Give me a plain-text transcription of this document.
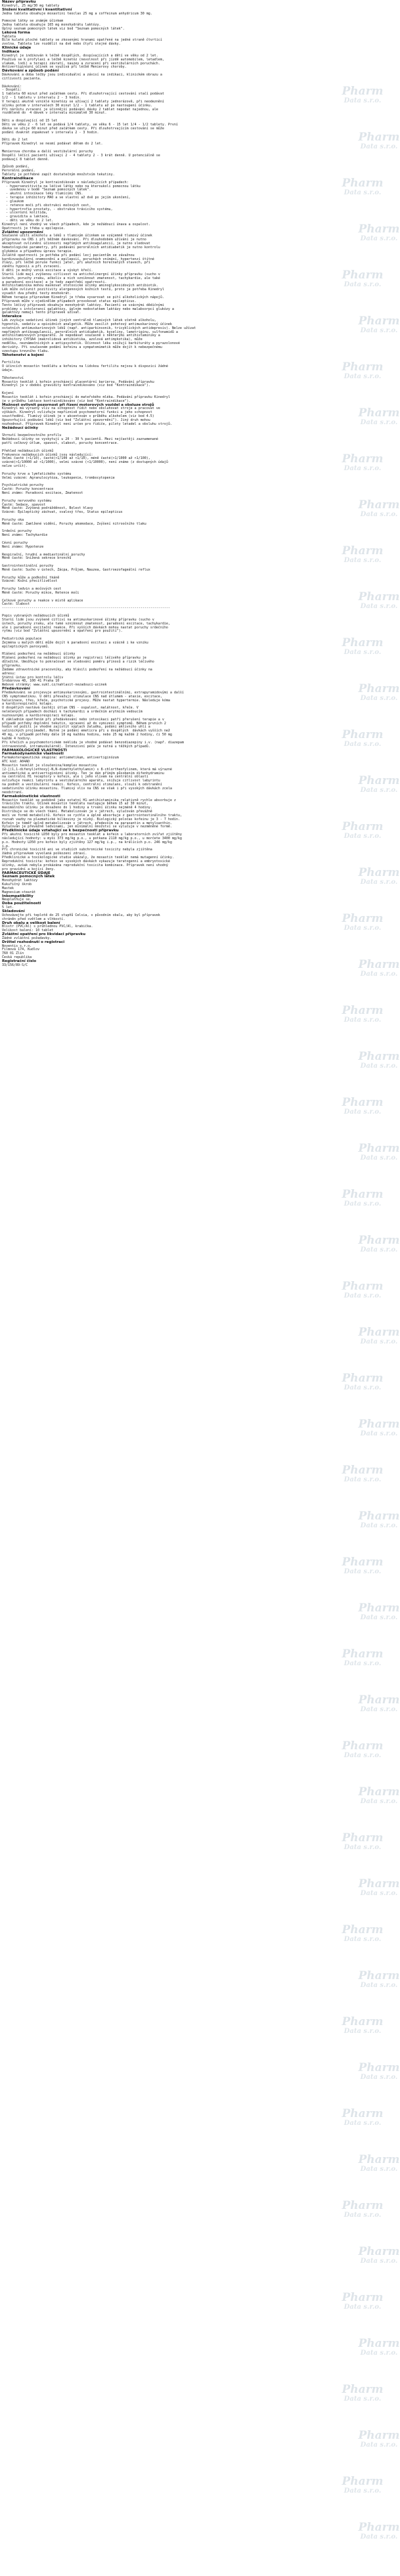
Název přípravku
Kinedryl, 25 mg/30 mg tablety
Složení kvalitativní i kvantitativní
Jedna tableta obsahuje moxastini teoclas 25 mg a coffeinum anhydricum 30 mg.
Pomocné látky se známým účinkem
Jedna tableta obsahuje 165 mg monohydrátu laktózy.
Úplný seznam pomocných látek viz bod "Seznam pomocných látek".
Léková forma
Tableta
Bílé kulaté ploché tablety se zkosenými hranami opatřené na jedné straně čtvrticí
zvolna. Tableta lze rozdělit na dvě nebo čtyři stejné dávky.
Klinické údaje
Indikace
Kinedryl je indikován k léčbě dospělých, dospívajících a dětí ve věku od 2 let.
Používá se k profylaxi a léčbě kinetóz (nevolnost při jízdě automobilem, letadlem,
vlakem, lodí) a terapii závratí, nauzey a zvracení při vestibulárních poruchách.
Antivertiginózní účinek se využívá při léčbě Menierovy choroby.
Dávkování a způsob podání
Dávkování a doba léčby jsou individuální a závisí na indikaci, klinickém obrazu a
citlivosti pacienta.
Dávkování:
- Dospělí:
1 tableta 60 minut před začátkem cesty. Při dlouhotrvající cestování stačí podávat
1/2 - 1 tabletu v intervalu 2 - 3 hodin.
V terapii akutně vzniklé kinetózy se užívají 2 tablety jednorázově, při neodeznění
účinku potom v intervalech 30 minut 1/2 - 1 tabletu až po nastoupení účinku.
Při nárůstu zvracení je účinnější podávání dávky 2 tablet nepodat najednou, ale
rozděleně do  4 dávek v intervalu minimálně 30 minut.
Děti a dospívající od 15 let
Děti ve věku 2 - 6 let se podává 1/4 tablety, ve věku 6 - 15 let 1/4 - 1/2 tablety. První
dávka se užije 60 minut před začátkem cesty. Při dlouhotrvajícím cestování se může
podání dvakrát zopakovat v intervalu 2 - 3 hodin.
Děti do 2 let
Přípravek Kinedryl se nesmí podávat dětem do 2 let.
Menierova choroba a další vestibulární poruchy
Dospělí léčící pacienti užívají 2 - 4 tablety 2 - 3 krát denně. U potenciálně se
podávají 8 tablet denně.
Způsob podání,
Perorální podání.
Tablety je potřebné zapít dostatečným množstvím tekutiny.
Kontraindikace
Přípravek Kinedryl je kontraindikován v následujících případech:
- hypersenzitivita na léčivé látky nebo na kteroukoli pomocnou látku
uvedenou v bodě "Seznam pomocných látek".
- akutní intoxikace léky tlumícími CNS.
- terapie inhibitory MAO a ve vlastní až dvě po jejím ukončení,
- glaukom
- retence moči při obstrukci močových cest,
- hypertrofie prostaty, - obstrukce trávicího systému,
- ulcerózní kolitida,
- gravidita a laktace,
- děti ve věku do 2 let.
Kinedryl není vhodný ve všech případech, kde je nežádoucí únava a ospalost.
Opatrnosti je třeba u epilepsie.
Zvláštní upozornění
Současné užití alkoholu a léků s tlumivým účinkem se vzájemně tlumivý účinek
přípravku na CNS i při běžném dávkování. Při dlouhodobém užívání je nutno
akceptovat ovlivnění účinnosti nepřímých antikoagulancií, je nutno sledovat
hematologické parametry, při podávání perorálních antidiabetik je nutno kontrolu
glykémie a případnou úpravu terapie.
Zvláště opatrnosti je potřeba při podání lecj pacientům se závažnou
kardiovaskulární onemocnění a epilepsií, poruchách vnímání, hypertenzí štítné
žlázy, při léčbě poruše funkcí jater, při akutních horečnatých stavech, při
zánětu hypoxii a při zvracení.
U dětí je možný vznik excitace a výskyt křečí.
Starší lidé mají zvýšenou citlivost na anticholinergní účinky přípravku (sucho v
ústech, poruchy zraku, ačkoliv a nich vzniknout zmatenost, tachykardie, ale také
a paradoxní excitace) a je tedy zapotřebí opatrnosti.
Antihistaminika mohou maskovat ototoxické účinky aminoglykosidových antibiotik.
Lék může ovlivnit pozitivity alergenových kožních testů, proto je potřeba Kinedryl
vysadit dva přední testy mnohokrát.
Během terapie přípravkem Kinedryl je třeba vyvarovat se pití alkoholických nápojů.
Přípravek může v ojedinělém případech provokovat status epilepticus.
Tento léčivý přípravek obsahuje monohydrát laktózy. Pacienti se vzácnými dědičnými
problémy s intolerancí galaktózy, úplným nedostatkem laktázy nebo malabsorpcí glukózy a
galaktózy nemají tento přípravek užívat.
Interakce
Lék zvyšuje sedativní účinek jiných centrálně tlumivých látek včetně alkoholu,
hypnotik, sedativ a opioidních analgetik. Může zesílit pohotový antimuskarinový účinek
ostatních antimuskarinových léků (např. antiparkinsonik, tricyklických antidepresiv). Nelze užívat
nepřímých antikoagulancií, perorálních antidiabetik, kyseliny, lamotriginu, sulfonamidů a
antihistaminových preparátů. Je nepodávat současně s některými antihistaminiky a
inhibitory CYP3A4 (makrolidová antibiotika, azolová antimykotika), může
nedělku, neznámečnických a antipsychotik. Účinnost léku snižují barbituráty a pyrazolonové
deriváty. Při současném podání kofeinu a sympatomimetik může dojít k nebezpečnému
vzestupu krevního tlaku.
Těhotenství a kojení
Fertilita
O účincích moxastin teoklátu a kofeinu na lidskou fertilitu nejsou k dispozici žádné
údaje.
Těhotenství
Moxastin teoklát i kofein procházejí placentární barierou. Podávání přípravku
Kinedryl je v období gravidity kontraindikováno (viz bod "Kontraindikace").
Kojení
Moxastin teoklát i kofein procházejí do mateřského mléka. Podávání přípravku Kinedryl
je v průběhu laktace kontraindikováno (viz bod "Kontraindikace").
Možnost ovlivnit pozornost při řízení motorových vozidel a obsluze strojů
Kinedryl má výrazný vliv na schopnost řídit nebo obsluhovat stroje a pracovat ve
výškách. Kinedryl ovlivňuje nepříznivě psychomotorní funkci a jeho schopnost
soustředění. Tlumivý účinek je v akcentován v průběhu alkoholem (viz bod 4.5)
Upozorňující podávání léků (viz bod "Zvláštní upozornění"). Jiný druh mohou
nozhodnout. Přípravek Kinedryl není určen pro řidiče, piloty letadel a obsluhu strojů.
Nežádoucí účinky
Shrnutí bezpečnostního profilu
Nežádoucí účinky se vyskytují u 20 - 30 % pacientů. Mezi nejčastěji zaznamenané
patří celkový útlum, spavost, slabost, poruchy koncentrace.
Přehled nežádoucích účinků
Frekvence nežádoucích účinků jsou následující:
Velmi časté (>1/10), časté(>1/100 až <1/10), méně časté(>1/1000 až <1/100),
vzácné(>1/10000 až <1/1000), velmi vzácné (<1/10000), není známo (z dostupných údajů
nelze určit).
Poruchy krve a lymfatického systému
Velmi vzácné: Agranulocytóza, leukopenie, trombocytopenie
Psychiatrické poruchy
Časté: Poruchy koncentrace
Není známo: Paradoxní excitace, Zmatenost
Poruchy nervového systému
Časté: Sedace, spavost
Méně časté: Zvýšená podrážděnost, Bolest hlavy
Vzácné: Epileptický záchvat, svalový třes, Status epilepticus
Poruchy oka
Méně časté: Zamlžené vidění, Poruchy akomodace, Zvýšení nitroočního tlaku
Srdeční poruchy
Není známo: Tachykardie
Cévní poruchy
Není známo: Hypotenze
Respirační, hrudní a mediastinální poruchy
Méně časté: Snížená sekrece bronchů
Gastrointestinální poruchy
Méně časté: Sucho v ústech, Zácpa, Průjem, Nauzea, Gastroezofageální reflux
Poruchy kůže a podkožní tkáně
Vzácné: Kožní přecitlivělost
Poruchy ledvin a močových cest
Méně časté: Poruchy mikce, Retence moči
Celkové poruchy a reakce v místě aplikace
Časté: Slabost
-------------------------------------------------------------------------------------
Popis vybraných nežádoucích účinků
Starší lidé jsou zvýšeně citliví na antimuskarinové účinky přípravku (sucho v
ústech, poruchy zraku, ale také vzniknout zmatenost, paradoxní excitace, tachykardie,
ale i paradoxní excitační reakce. Při vyšších dávkách mohou nastat poruchy srdečního
rytmu (viz bod "Zvláštní upozornění a opatření pro použití").
Pediatrická populace
Zejména u malých dětí může dojít k paradoxní excitaci a vzácně i ke vzniku
epileptických paroxysmů.
Hlášení podezření na nežádoucí účinky
Hlášení podezření na nežádoucí účinky po registraci léčivého přípravku je
důležité. Umožňuje to pokračovat ve sledování poměru přínosů a rizik léčivého
přípravku.
Žádáme zdravotnické pracovníky, aby hlásili podezření na nežádoucí účinky na
adresu:
Státní ústav pro kontrolu léčiv
Šrobárova 48, 100 41 Praha 10
Webové stránky: www.sukl.cz/nahlasit-nezadouci-ucinek
Předávkování
Předávkování se projevuje antimuskarinovými, gastrointestinálními, extrapyramidovými a další
CNS symptomatikou. U dětí převažují stimulace CNS nad útlumem - ataxie, excitace,
halucinace, třes, křeče, psychotické projevy. Může nastat hypertermie. Následuje kóma
a kardiorespirační kolaps.
U dospělých nastává častěji útlum CNS - ospalost, malátnost, křeče. V
neléčených případech dochází k tachykardii a srdečním arytmiím vedoucím
nuznouvnými a kardiorespiraci kolaps.
K základním opatřením při předávkování nebo intoxikaci patří přerušení terapie a v
případě potřeby doplnění tekutin, vpravení až do vymizení symptomů. Během prvních 2
hodin od požití je vhodné zajistit výplach žaludku, podání aktivního uhlí a
salinických projimadel. Nutné je podání emeticra při u dospělých  dávkách vyšších než
40 mg, v případě potřeby dále 10 mg každou hodinu, nebo 25 mg každé 2 hodiny, či 50 mg
každé 4 hodiny.
Při křečích a psychomotorickém neklidu je vhodné podávat benzodiazepiny i.v. (např. diazepam
intravenózně, intramuskulárně). Intenzivní péče je nutná u těžkých případů.
FARMAKOLOGICKÉ VLASTNOSTI
Farmakodynamické vlastnosti
Farmakoterapeutická skupina: antiemetikum, antivertiginózum
ATC kód: A04AD
Moxastin teoklát je sloučenina/komplex moxastinu
(2-[(1,1-difenyl)ethoxy]-N,N-dimethylethylamin) s 8-chlortheofylinem, která má výrazné
antiemetické a antivertiginózní účinky. Ten je dán přímým působením difenhydraminu
na centrální H1 receptory v kofein, ale i jeho vlivem na centrální oblasti
ovlivňuje reakci labyrintu a vestibulárního aparátu, snižuje citlivost labyrintu
na podnět a vestibulární reakci. Kofein, centrální stimulans, slouží k odstranění
sedativního účinku moxastinu. Tlumivý vliv na CNS se však i při vysokých dávkách zcela
neodstraní.
Farmakokinetické vlastnosti
Moxastin teoklát se podobně jako ostatní H1-antihistaminika relativně rychle absorbuje z
trávicího traktu. Účinek moxastin teoklátu nastupuje během 15 až 30 minut,
maximálního účinku je dosaženo do 1 hodiny a trvání účinku nejméně 4 hodiny.
Distribuje se do všech tkání. Metabolizován je v játrech, vylučován převážně
močí ve formě metabolitů. Kofein se rychle a úplně absorbuje z gastrointestinálního traktu,
rozsah vazby na plazmatické bílkoviny je nízký. Biologický poločas kofeinu je 3 - 7 hodin.
Kofein je téměř úplně metabolizován v játrech, především na paraxantin a metylxanthin.
Vylučován je převážně ledvinami, jen minimální množství se vylučuje v nezměněné formě.
Předklinické údaje vztahující se k bezpečnosti přípravku
Při akutní toxicitě LD50 byly pro moxastin teoklát a kofein u laboratorních zvířat zjištěny
následující hodnoty: u myši 373 mg/kg p.o., u potkana 2110 mg/kg p.o., u morčete 3400 mg/kg
p.o. Hodnoty LD50 pro kofein byly zjištěny 127 mg/kg i.p., na králících p.o. 246 mg/kg
i.p.
Při chronické toxicitě ani ve studiích subchronické toxicity nebyla zjištěna
žádná přípravkem vyvolaná poškození zdraví.
Předklinické a toxikologické studie ukázaly, že moxastin teoklát nemá mutagenní účinky.
Reprodukční toxicita: kofein ve vysokých dávkách vykazuje teratogenní a embryotoxické
účinky, avšak nebyla prokázána reprodukční toxicita kombinace. Přípravek není vhodný
pro gravidní a kojící ženy.
FARMACEUTICKÉ ÚDAJE
Seznam pomocných látek
Monohydrát laktózy
Kukuřičný škrob
Mastek
Magnesium-stearát
Inkompatibility
Neuplatňuje se.
Doba použitelnosti
5 let.
Skladování
Uchovávejte při teplotě do 25 stupňů Celsia, v původním obalu, aby byl přípravek
chráněn před světlem a vlhkostí.
Druh obalu a velikost balení
Blistr (PVC/Al) s průhlednou PVC/Al, krabička.
Velikost balení: 10 tablet
Zvláštní opatření pro likvidaci přípravku
Žádné zvláštní požadavky.
Držitel rozhodnutí o registraci
Noventis s.r.o.
Filmová 174, Kudlov
760 01 Zlín
Česká republika
Registrační číslo
33/156/89-S/C
Pharm
Data s.r.o.
Pharm
Data s.r.o.
Pharm
Data s.r.o.
Pharm
Data s.r.o.
Pharm
Data s.r.o.
Pharm
Data s.r.o.
Pharm
Data s.r.o.
Pharm
Data s.r.o.
Pharm
Data s.r.o.
Pharm
Data s.r.o.
Pharm
Data s.r.o.
Pharm
Data s.r.o.
Pharm
Data s.r.o.
Pharm
Data s.r.o.
Pharm
Data s.r.o.
Pharm
Data s.r.o.
Pharm
Data s.r.o.
Pharm
Data s.r.o.
Pharm
Data s.r.o.
Pharm
Data s.r.o.
Pharm
Data s.r.o.
Pharm
Data s.r.o.
Pharm
Data s.r.o.
Pharm
Data s.r.o.
Pharm
Data s.r.o.
Pharm
Data s.r.o.
Pharm
Data s.r.o.
Pharm
Data s.r.o.
Pharm
Data s.r.o.
Pharm
Data s.r.o.
Pharm
Data s.r.o.
Pharm
Data s.r.o.
Pharm
Data s.r.o.
Pharm
Data s.r.o.
Pharm
Data s.r.o.
Pharm
Data s.r.o.
Pharm
Data s.r.o.
Pharm
Data s.r.o.
Pharm
Data s.r.o.
Pharm
Data s.r.o.
Pharm
Data s.r.o.
Pharm
Data s.r.o.
Pharm
Data s.r.o.
Pharm
Data s.r.o.
Pharm
Data s.r.o.
Pharm
Data s.r.o.
Pharm
Data s.r.o.
Pharm
Data s.r.o.
Pharm
Data s.r.o.
Pharm
Data s.r.o.
Pharm
Data s.r.o.
Pharm
Data s.r.o.
Pharm
Data s.r.o.
Pharm
Data s.r.o.
